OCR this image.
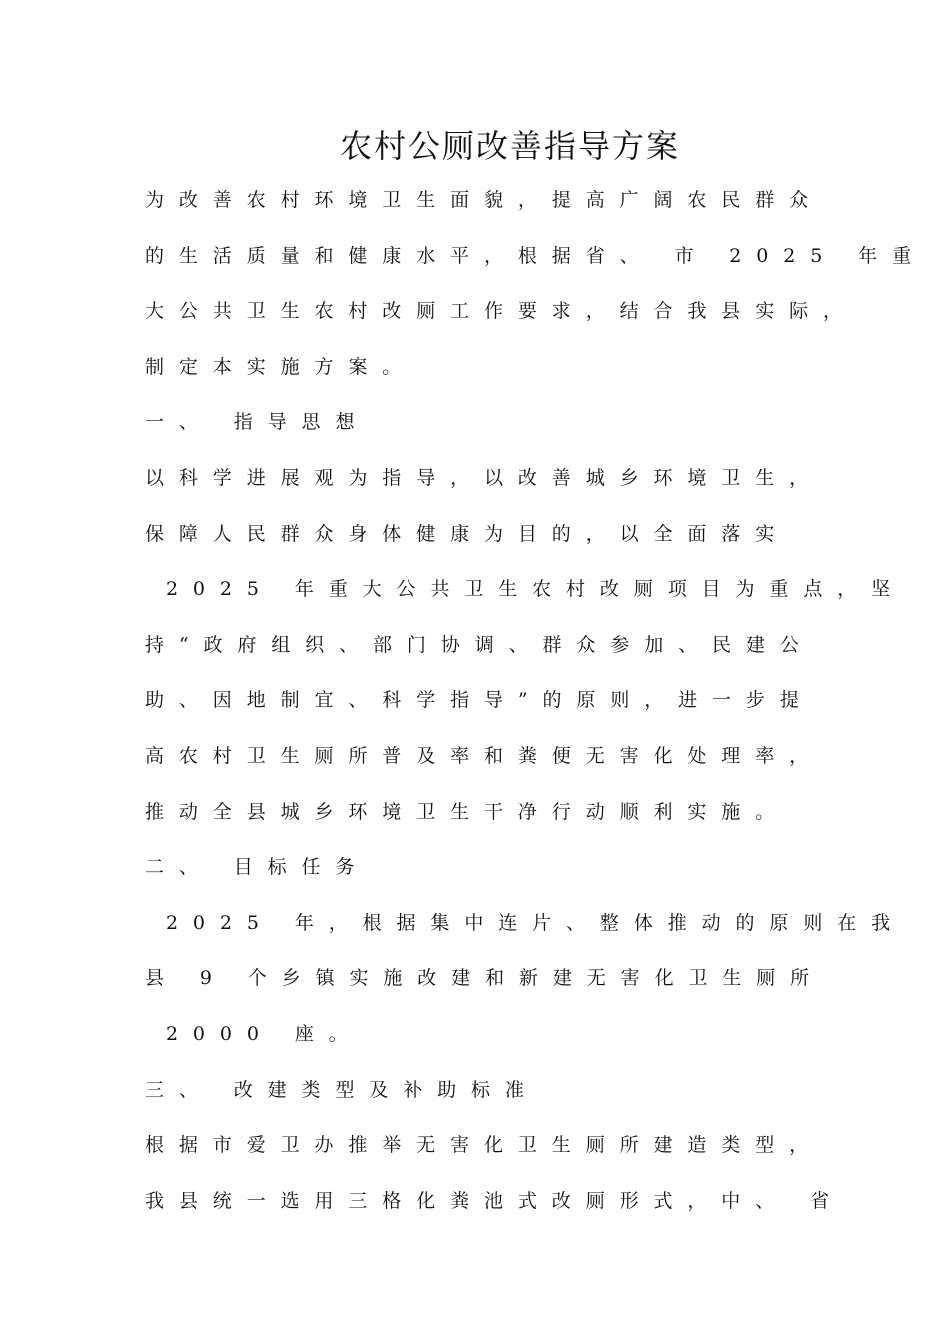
农村公厕改善指导方案
为改善农村环境卫生面貌，提高广阔农民群众
的生活质量和健康水平，根据省、 市 2025 年重
大公共卫生农村改厕工作要求，结合我县实际，
制定本实施方案。
一、 指导思想
以科学进展观为指导，以改善城乡环境卫生，
保障人民群众身体健康为目的，以全面落实
2025 年重大公共卫生农村改厕项目为重点，坚
持“政府组织、部门协调、群众参加、民建公
助、因地制宜、科学指导”的原则，进一步提
高农村卫生厕所普及率和粪便无害化处理率，
推动全县城乡环境卫生干净行动顺利实施。
二、 目标任务
2025 年，根据集中连片、整体推动的原则在我
县 9 个乡镇实施改建和新建无害化卫生厕所
2000 座。
三、 改建类型及补助标准
根据市爱卫办推举无害化卫生厕所建造类型，
我县统一选用三格化粪池式改厕形式，中、 省
